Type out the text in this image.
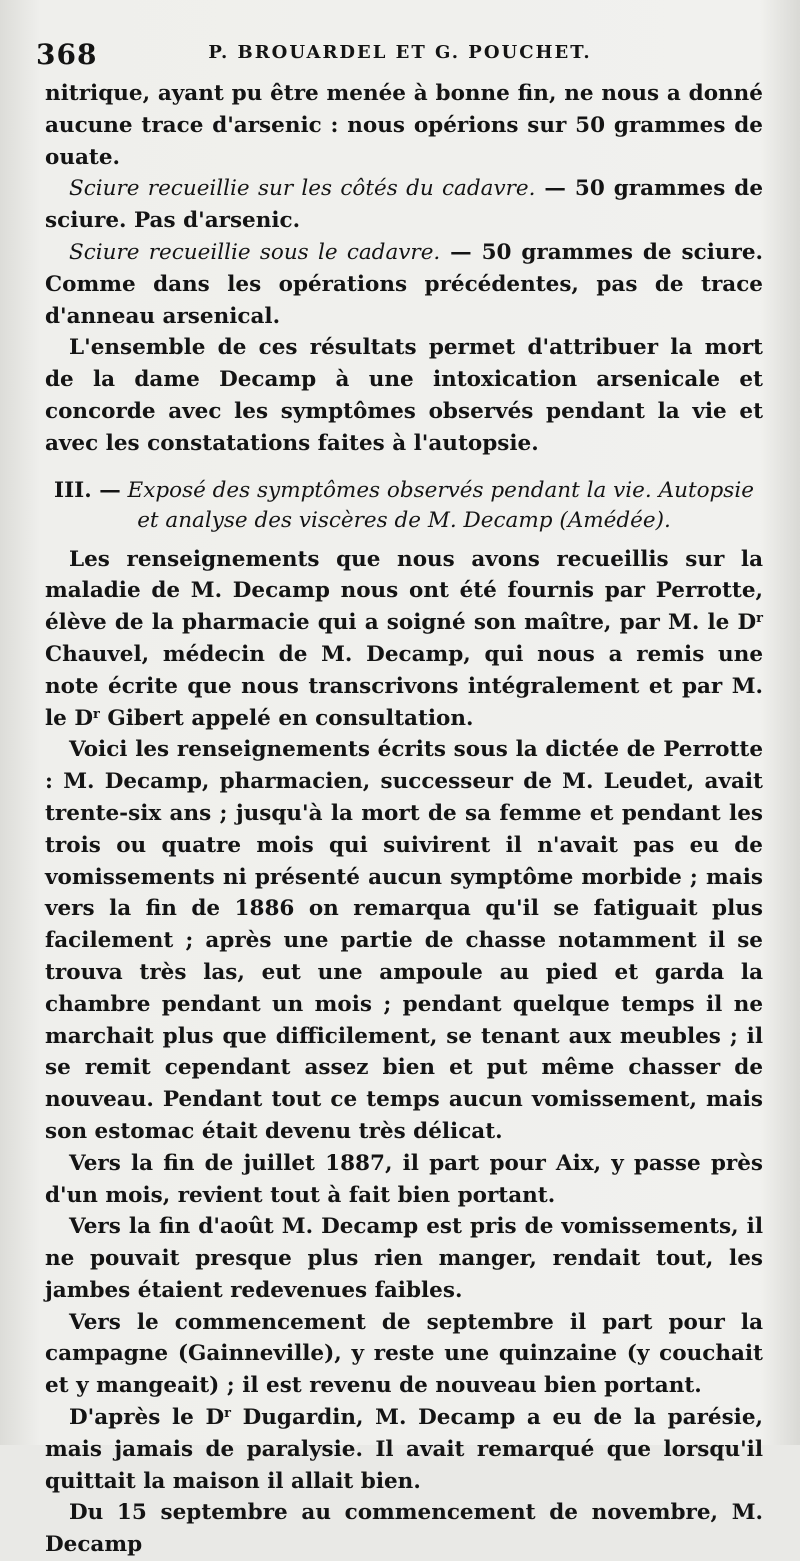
368	P. BROUARDEL ET G. POUCHET.

nitrique, ayant pu être menée à bonne fin, ne nous a donné aucune trace d'arsenic : nous opérions sur 50 grammes de ouate.

Sciure recueillie sur les côtés du cadavre. — 50 grammes de sciure. Pas d'arsenic.

Sciure recueillie sous le cadavre. — 50 grammes de sciure. Comme dans les opérations précédentes, pas de trace d'anneau arsenical.

L'ensemble de ces résultats permet d'attribuer la mort de la dame Decamp à une intoxication arsenicale et concorde avec les symptômes observés pendant la vie et avec les constatations faites à l'autopsie.

III. — Exposé des symptômes observés pendant la vie. Autopsie et analyse des viscères de M. Decamp (Amédée).

Les renseignements que nous avons recueillis sur la maladie de M. Decamp nous ont été fournis par Perrotte, élève de la pharmacie qui a soigné son maître, par M. le $D^r$ Chauvel, médecin de M. Decamp, qui nous a remis une note écrite que nous transcrivons intégralement et par M. le $D^r$ Gibert appelé en consultation.

Voici les renseignements écrits sous la dictée de Perrotte : M. Decamp, pharmacien, successeur de M. Leudet, avait trente-six ans ; jusqu'à la mort de sa femme et pendant les trois ou quatre mois qui suivirent il n'avait pas eu de vomissements ni présenté aucun symptôme morbide ; mais vers la fin de 1886 on remarqua qu'il se fatiguait plus facilement ; après une partie de chasse notamment il se trouva très las, eut une ampoule au pied et garda la chambre pendant un mois ; pendant quelque temps il ne marchait plus que difficilement, se tenant aux meubles ; il se remit cependant assez bien et put même chasser de nouveau. Pendant tout ce temps aucun vomissement, mais son estomac était devenu très délicat.

Vers la fin de juillet 1887, il part pour Aix, y passe près d'un mois, revient tout à fait bien portant.

Vers la fin d'août M. Decamp est pris de vomissements, il ne pouvait presque plus rien manger, rendait tout, les jambes étaient redevenues faibles.

Vers le commencement de septembre il part pour la campagne (Gainneville), y reste une quinzaine (y couchait et y mangeait) ; il est revenu de nouveau bien portant.

D'après le $D^r$ Dugardin, M. Decamp a eu de la parésie, mais jamais de paralysie. Il avait remarqué que lorsqu'il quittait la maison il allait bien.

Du 15 septembre au commencement de novembre, M. Decamp
